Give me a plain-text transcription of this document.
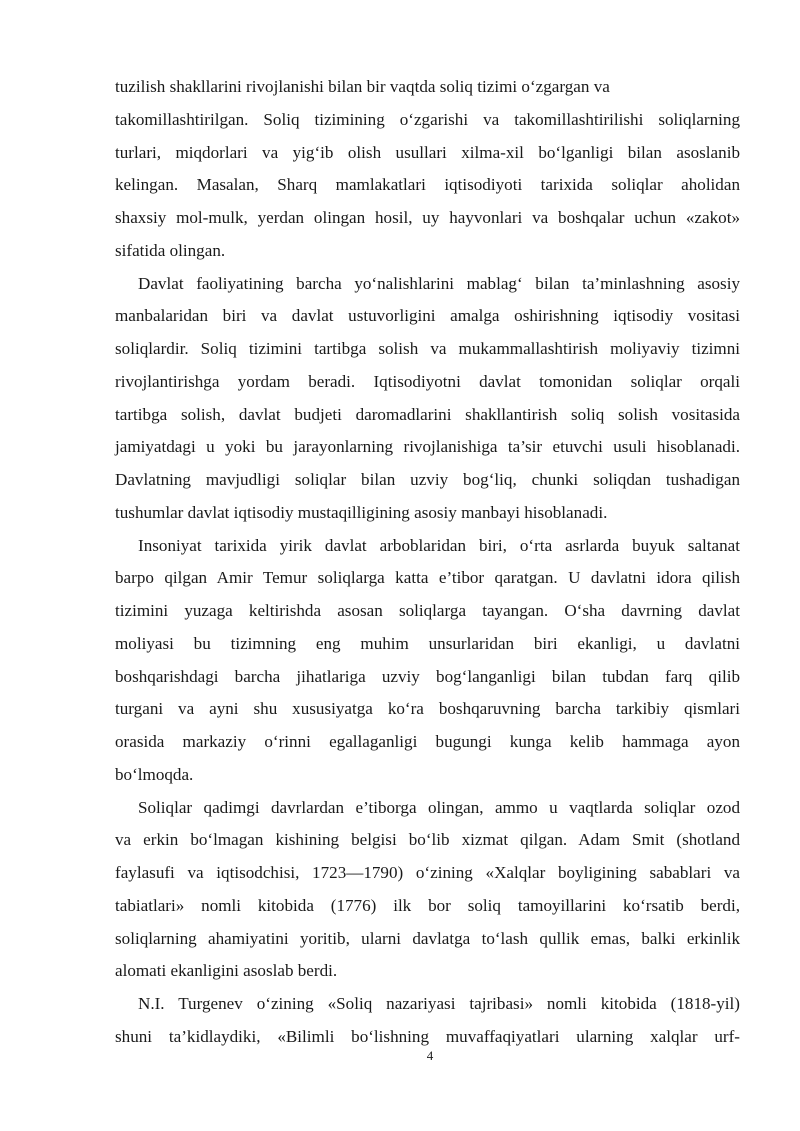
tuzilish shakllarini rivojlanishi bilan bir vaqtda soliq tizimi o‘zgargan va
takomillashtirilgan. Soliq tizimining o‘zgarishi va takomillashtirilishi soliqlarning
turlari, miqdorlari va yig‘ib olish usullari xilma-xil bo‘lganligi bilan asoslanib
kelingan. Masalan, Sharq mamlakatlari iqtisodiyoti tarixida soliqlar aholidan
shaxsiy mol-mulk, yerdan olingan hosil, uy hayvonlari va boshqalar uchun «zakot»
sifatida olingan.
Davlat faoliyatining barcha yo‘nalishlarini mablag‘ bilan ta’minlashning asosiy
manbalaridan biri va davlat ustuvorligini amalga oshirishning iqtisodiy vositasi
soliqlardir. Soliq tizimini tartibga solish va mukammallashtirish moliyaviy tizimni
rivojlantirishga yordam beradi. Iqtisodiyotni davlat tomonidan soliqlar orqali
tartibga solish, davlat budjeti daromadlarini shakllantirish soliq solish vositasida
jamiyatdagi u yoki bu jarayonlarning rivojlanishiga ta’sir etuvchi usuli hisoblanadi.
Davlatning mavjudligi soliqlar bilan uzviy bog‘liq, chunki soliqdan tushadigan
tushumlar davlat iqtisodiy mustaqilligining asosiy manbayi hisoblanadi.
Insoniyat tarixida yirik davlat arboblaridan biri, o‘rta asrlarda buyuk saltanat
barpo qilgan Amir Temur soliqlarga katta e’tibor qaratgan. U davlatni idora qilish
tizimini yuzaga keltirishda asosan soliqlarga tayangan. O‘sha davrning davlat
moliyasi bu tizimning eng muhim unsurlaridan biri ekanligi, u davlatni
boshqarishdagi barcha jihatlariga uzviy bog‘langanligi bilan tubdan farq qilib
turgani va ayni shu xususiyatga ko‘ra boshqaruvning barcha tarkibiy qismlari
orasida markaziy o‘rinni egallaganligi bugungi kunga kelib hammaga ayon
bo‘lmoqda.
Soliqlar qadimgi davrlardan e’tiborga olingan, ammo u vaqtlarda soliqlar ozod
va erkin bo‘lmagan kishining belgisi bo‘lib xizmat qilgan. Adam Smit (shotland
faylasufi va iqtisodchisi, 1723—1790) o‘zining «Xalqlar boyligining sabablari va
tabiatlari» nomli kitobida (1776) ilk bor soliq tamoyillarini ko‘rsatib berdi,
soliqlarning ahamiyatini yoritib, ularni davlatga to‘lash qullik emas, balki erkinlik
alomati ekanligini asoslab berdi.
N.I. Turgenev o‘zining «Soliq nazariyasi tajribasi» nomli kitobida (1818-yil)
shuni ta’kidlaydiki, «Bilimli bo‘lishning muvaffaqiyatlari ularning xalqlar urf-
4
